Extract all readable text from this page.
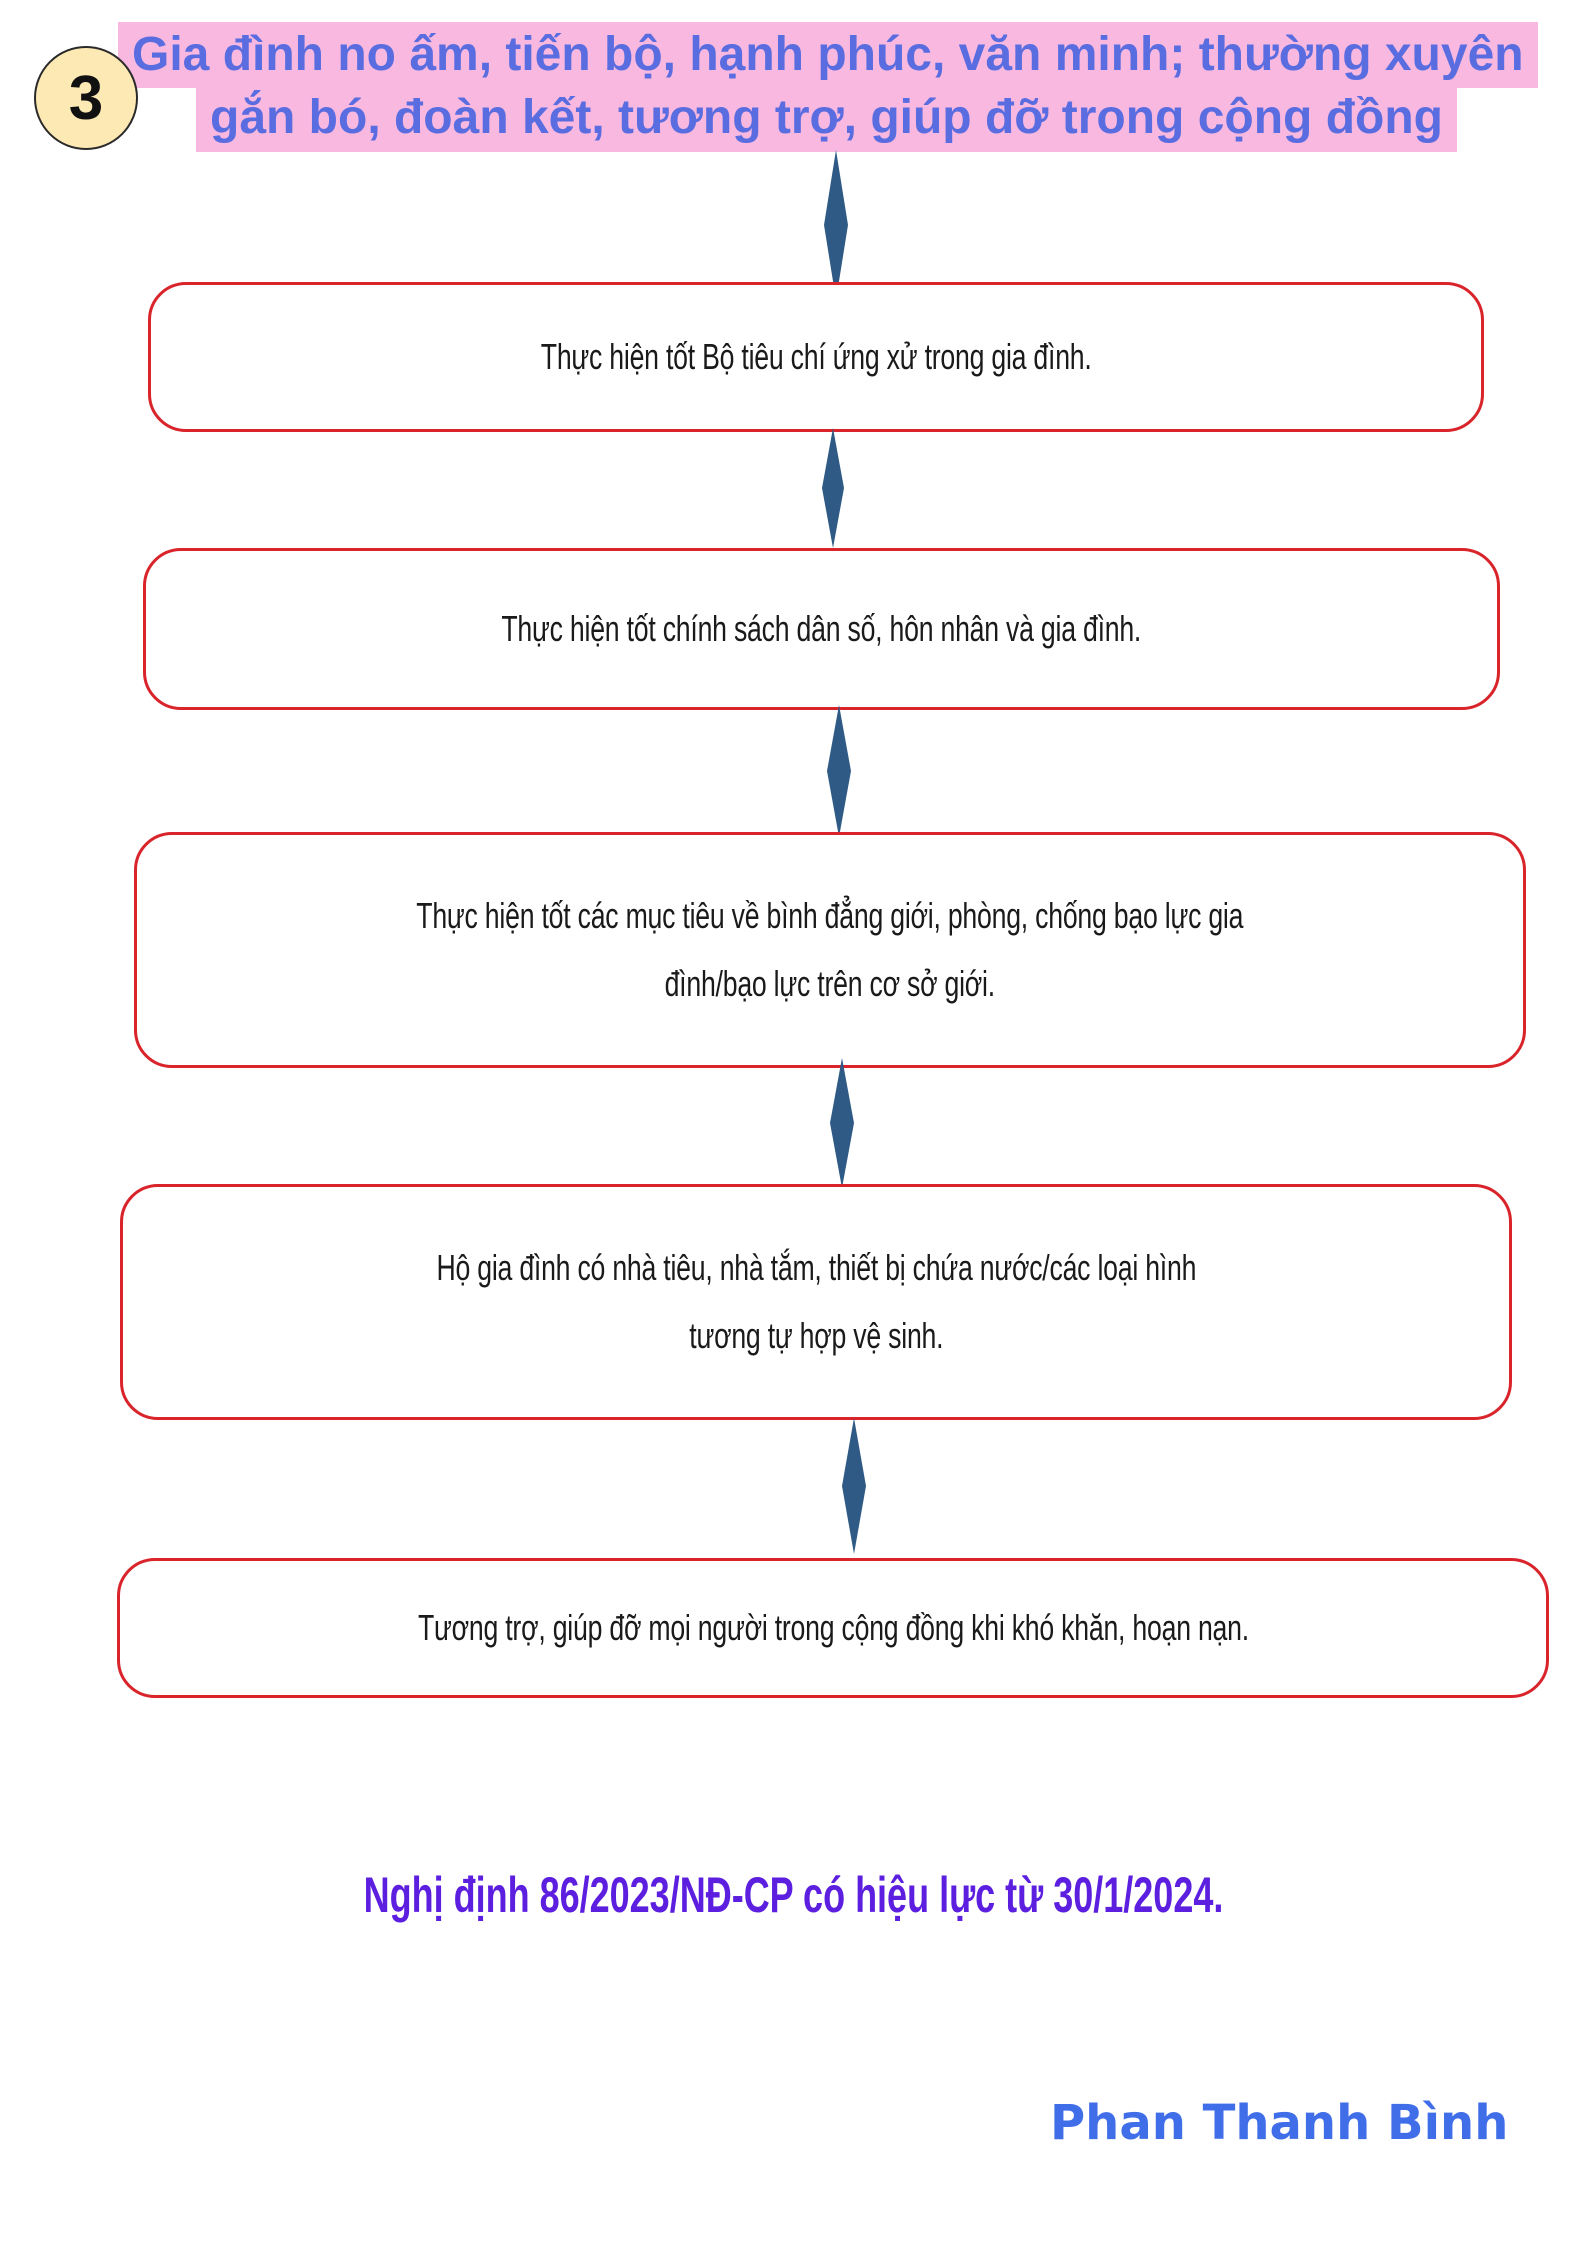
Gia đình no ấm, tiến bộ, hạnh phúc, văn minh; thường xuyên
gắn bó, đoàn kết, tương trợ, giúp đỡ trong cộng đồng
3
Thực hiện tốt Bộ tiêu chí ứng xử trong gia đình.
Thực hiện tốt chính sách dân số, hôn nhân và gia đình.
Thực hiện tốt các mục tiêu về bình đẳng giới, phòng, chống bạo lực gia
đình/bạo lực trên cơ sở giới.
Hộ gia đình có nhà tiêu, nhà tắm, thiết bị chứa nước/các loại hình
tương tự hợp vệ sinh.
Tương trợ, giúp đỡ mọi người trong cộng đồng khi khó khăn, hoạn nạn.
Nghị định 86/2023/NĐ-CP có hiệu lực từ 30/1/2024.
Phan Thanh Bình
